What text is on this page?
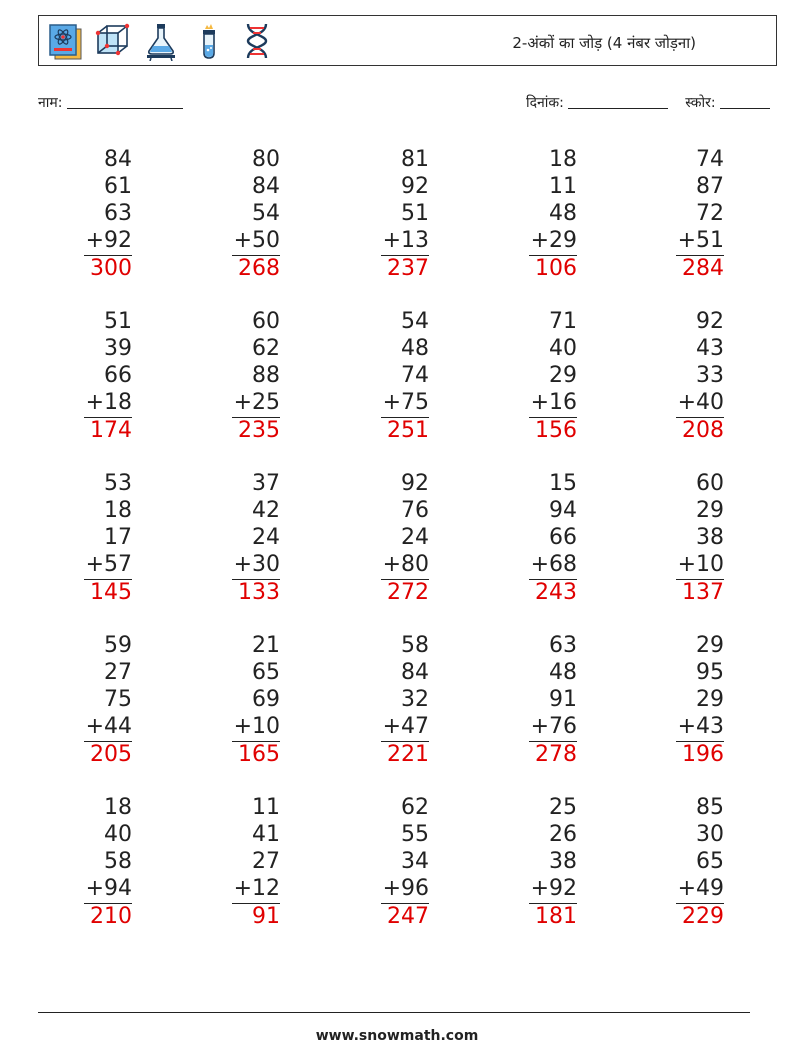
2-अंकों का जोड़ (4 नंबर जोड़ना)
नाम:	दिनांक:	स्कोर:
84
61
63
+92
300
80
84
54
+50
268
81
92
51
+13
237
18
11
48
+29
106
74
87
72
+51
284
51
39
66
+18
174
60
62
88
+25
235
54
48
74
+75
251
71
40
29
+16
156
92
43
33
+40
208
53
18
17
+57
145
37
42
24
+30
133
92
76
24
+80
272
15
94
66
+68
243
60
29
38
+10
137
59
27
75
+44
205
21
65
69
+10
165
58
84
32
+47
221
63
48
91
+76
278
29
95
29
+43
196
18
40
58
+94
210
11
41
27
+12
91
62
55
34
+96
247
25
26
38
+92
181
85
30
65
+49
229
www.snowmath.com
